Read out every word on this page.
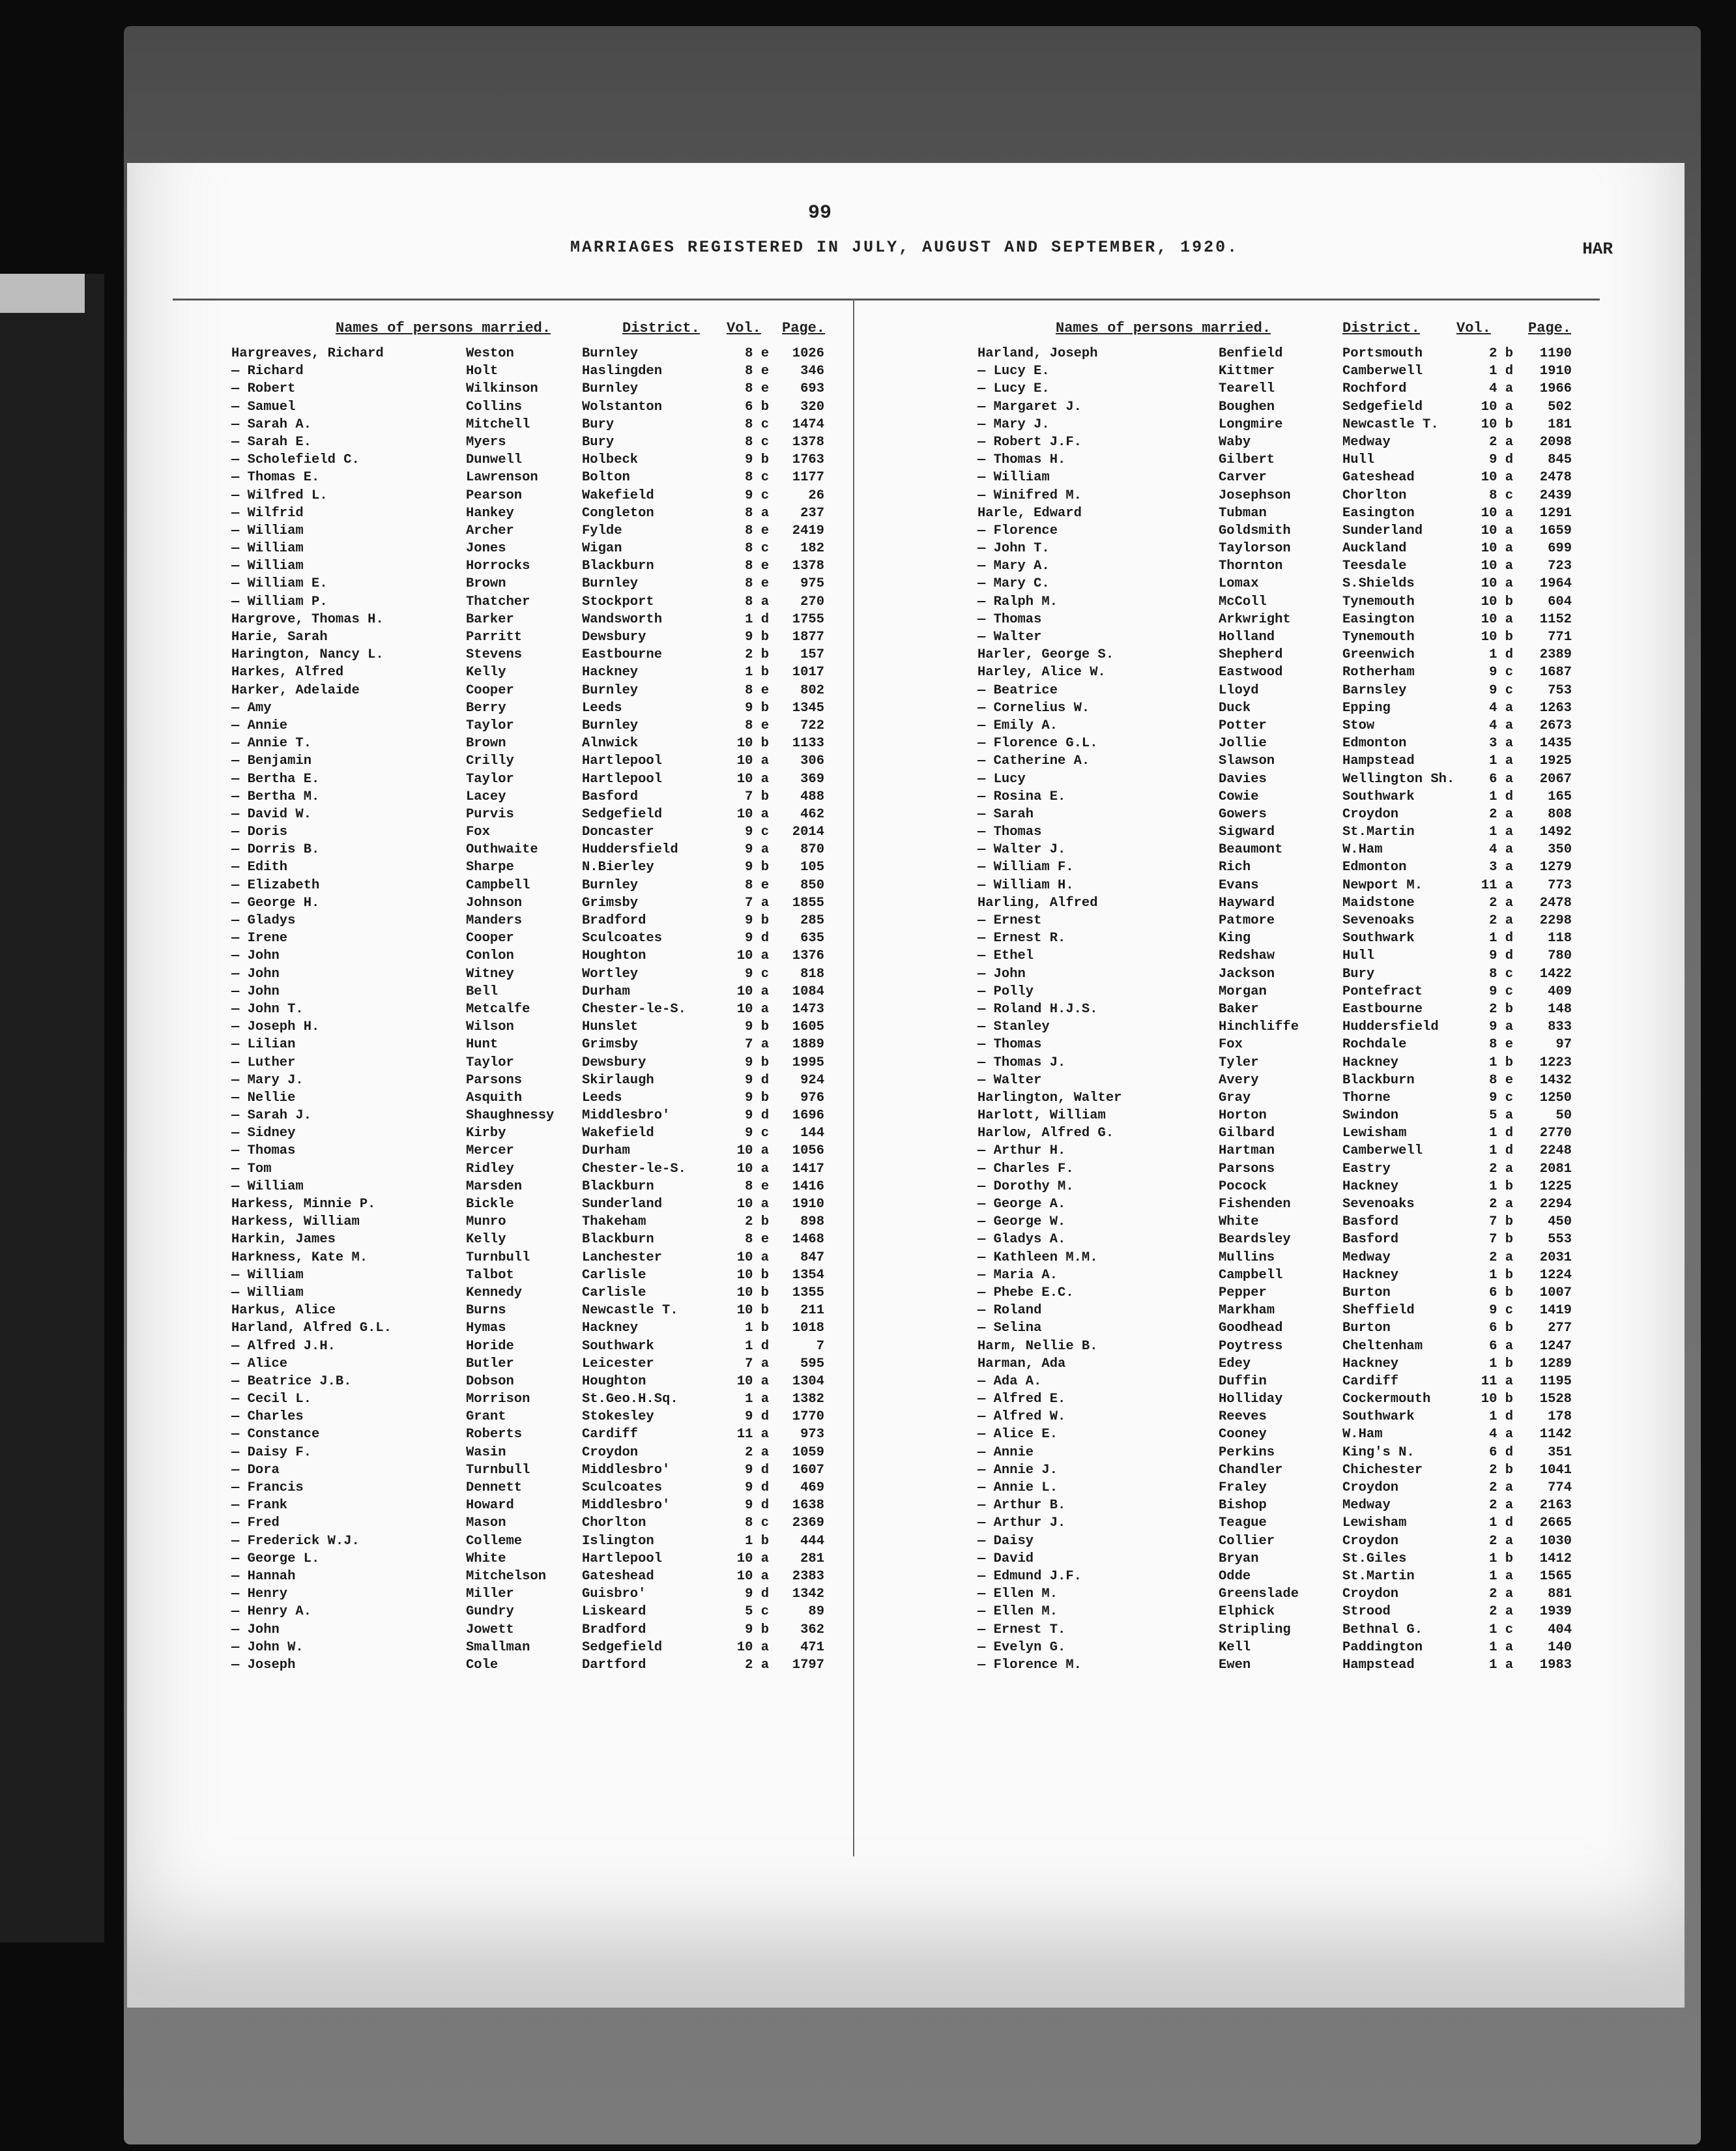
99
MARRIAGES REGISTERED IN JULY, AUGUST AND SEPTEMBER, 1920.	HAR
Names of persons married.	District. Vol. Page.
Hargreaves, Richard	Weston	Burnley	8 e	1026
— Richard	Holt	Haslingden	8 e	346
— Robert	Wilkinson	Burnley	8 e	693
— Samuel	Collins	Wolstanton	6 b	320
— Sarah A.	Mitchell	Bury	8 c	1474
— Sarah E.	Myers	Bury	8 c	1378
— Scholefield C.	Dunwell	Holbeck	9 b	1763
— Thomas E.	Lawrenson	Bolton	8 c	1177
— Wilfred L.	Pearson	Wakefield	9 c	26
— Wilfrid	Hankey	Congleton	8 a	237
— William	Archer	Fylde	8 e	2419
— William	Jones	Wigan	8 c	182
— William	Horrocks	Blackburn	8 e	1378
— William E.	Brown	Burnley	8 e	975
— William P.	Thatcher	Stockport	8 a	270
Hargrove, Thomas H.	Barker	Wandsworth	1 d	1755
Harie, Sarah	Parritt	Dewsbury	9 b	1877
Harington, Nancy L.	Stevens	Eastbourne	2 b	157
Harkes, Alfred	Kelly	Hackney	1 b	1017
Harker, Adelaide	Cooper	Burnley	8 e	802
— Amy	Berry	Leeds	9 b	1345
— Annie	Taylor	Burnley	8 e	722
— Annie T.	Brown	Alnwick	10 b	1133
— Benjamin	Crilly	Hartlepool	10 a	306
— Bertha E.	Taylor	Hartlepool	10 a	369
— Bertha M.	Lacey	Basford	7 b	488
— David W.	Purvis	Sedgefield	10 a	462
— Doris	Fox	Doncaster	9 c	2014
— Dorris B.	Outhwaite	Huddersfield	9 a	870
— Edith	Sharpe	N.Bierley	9 b	105
— Elizabeth	Campbell	Burnley	8 e	850
— George H.	Johnson	Grimsby	7 a	1855
— Gladys	Manders	Bradford	9 b	285
— Irene	Cooper	Sculcoates	9 d	635
— John	Conlon	Houghton	10 a	1376
— John	Witney	Wortley	9 c	818
— John	Bell	Durham	10 a	1084
— John T.	Metcalfe	Chester-le-S.	10 a	1473
— Joseph H.	Wilson	Hunslet	9 b	1605
— Lilian	Hunt	Grimsby	7 a	1889
— Luther	Taylor	Dewsbury	9 b	1995
— Mary J.	Parsons	Skirlaugh	9 d	924
— Nellie	Asquith	Leeds	9 b	976
— Sarah J.	Shaughnessy Middlesbro'	9 d	1696
— Sidney	Kirby	Wakefield	9 c	144
— Thomas	Mercer	Durham	10 a	1056
— Tom	Ridley	Chester-le-S.	10 a	1417
— William	Marsden	Blackburn	8 e	1416
Harkess, Minnie P.	Bickle	Sunderland	10 a	1910
Harkess, William	Munro	Thakeham	2 b	898
Harkin, James	Kelly	Blackburn	8 e	1468
Harkness, Kate M.	Turnbull	Lanchester	10 a	847
— William	Talbot	Carlisle	10 b	1354
— William	Kennedy	Carlisle	10 b	1355
Harkus, Alice	Burns	Newcastle T.	10 b	211
Harland, Alfred G.L.	Hymas	Hackney	1 b	1018
— Alfred J.H.	Horide	Southwark	1 d	7
— Alice	Butler	Leicester	7 a	595
— Beatrice J.B.	Dobson	Houghton	10 a	1304
— Cecil L.	Morrison	St.Geo.H.Sq.	1 a	1382
— Charles	Grant	Stokesley	9 d	1770
— Constance	Roberts	Cardiff	11 a	973
— Daisy F.	Wasin	Croydon	2 a	1059
— Dora	Turnbull	Middlesbro'	9 d	1607
— Francis	Dennett	Sculcoates	9 d	469
— Frank	Howard	Middlesbro'	9 d	1638
— Fred	Mason	Chorlton	8 c	2369
— Frederick W.J.	Colleme	Islington	1 b	444
— George L.	White	Hartlepool	10 a	281
— Hannah	Mitchelson	Gateshead	10 a	2383
— Henry	Miller	Guisbro'	9 d	1342
— Henry A.	Gundry	Liskeard	5 c	89
— John	Jowett	Bradford	9 b	362
— John W.	Smallman	Sedgefield	10 a	471
— Joseph	Cole	Dartford	2 a	1797
Names of persons married.	District.	Vol.	Page.
Harland, Joseph	Benfield	Portsmouth	2 b	1190
— Lucy E.	Kittmer	Camberwell	1 d	1910
— Lucy E.	Tearell	Rochford	4 a	1966
— Margaret J.	Boughen	Sedgefield	10 a	502
— Mary J.	Longmire	Newcastle T.	10 b	181
— Robert J.F.	Waby	Medway	2 a	2098
— Thomas H.	Gilbert	Hull	9 d	845
— William	Carver	Gateshead	10 a	2478
— Winifred M.	Josephson	Chorlton	8 c	2439
Harle, Edward	Tubman	Easington	10 a	1291
— Florence	Goldsmith	Sunderland	10 a	1659
— John T.	Taylorson	Auckland	10 a	699
— Mary A.	Thornton	Teesdale	10 a	723
— Mary C.	Lomax	S.Shields	10 a	1964
— Ralph M.	McColl	Tynemouth	10 b	604
— Thomas	Arkwright	Easington	10 a	1152
— Walter	Holland	Tynemouth	10 b	771
Harler, George S.	Shepherd	Greenwich	1 d	2389
Harley, Alice W.	Eastwood	Rotherham	9 c	1687
— Beatrice	Lloyd	Barnsley	9 c	753
— Cornelius W.	Duck	Epping	4 a	1263
— Emily A.	Potter	Stow	4 a	2673
— Florence G.L.	Jollie	Edmonton	3 a	1435
— Catherine A.	Slawson	Hampstead	1 a	1925
— Lucy	Davies	Wellington Sh.	6 a	2067
— Rosina E.	Cowie	Southwark	1 d	165
— Sarah	Gowers	Croydon	2 a	808
— Thomas	Sigward	St.Martin	1 a	1492
— Walter J.	Beaumont	W.Ham	4 a	350
— William F.	Rich	Edmonton	3 a	1279
— William H.	Evans	Newport M.	11 a	773
Harling, Alfred	Hayward	Maidstone	2 a	2478
— Ernest	Patmore	Sevenoaks	2 a	2298
— Ernest R.	King	Southwark	1 d	118
— Ethel	Redshaw	Hull	9 d	780
— John	Jackson	Bury	8 c	1422
— Polly	Morgan	Pontefract	9 c	409
— Roland H.J.S.	Baker	Eastbourne	2 b	148
— Stanley	Hinchliffe	Huddersfield	9 a	833
— Thomas	Fox	Rochdale	8 e	97
— Thomas J.	Tyler	Hackney	1 b	1223
— Walter	Avery	Blackburn	8 e	1432
Harlington, Walter	Gray	Thorne	9 c	1250
Harlott, William	Horton	Swindon	5 a	50
Harlow, Alfred G.	Gilbard	Lewisham	1 d	2770
— Arthur H.	Hartman	Camberwell	1 d	2248
— Charles F.	Parsons	Eastry	2 a	2081
— Dorothy M.	Pocock	Hackney	1 b	1225
— George A.	Fishenden	Sevenoaks	2 a	2294
— George W.	White	Basford	7 b	450
— Gladys A.	Beardsley	Basford	7 b	553
— Kathleen M.M.	Mullins	Medway	2 a	2031
— Maria A.	Campbell	Hackney	1 b	1224
— Phebe E.C.	Pepper	Burton	6 b	1007
— Roland	Markham	Sheffield	9 c	1419
— Selina	Goodhead	Burton	6 b	277
Harm, Nellie B.	Poytress	Cheltenham	6 a	1247
Harman, Ada	Edey	Hackney	1 b	1289
— Ada A.	Duffin	Cardiff	11 a	1195
— Alfred E.	Holliday	Cockermouth	10 b	1528
— Alfred W.	Reeves	Southwark	1 d	178
— Alice E.	Cooney	W.Ham	4 a	1142
— Annie	Perkins	King's N.	6 d	351
— Annie J.	Chandler	Chichester	2 b	1041
— Annie L.	Fraley	Croydon	2 a	774
— Arthur B.	Bishop	Medway	2 a	2163
— Arthur J.	Teague	Lewisham	1 d	2665
— Daisy	Collier	Croydon	2 a	1030
— David	Bryan	St.Giles	1 b	1412
— Edmund J.F.	Odde	St.Martin	1 a	1565
— Ellen M.	Greenslade	Croydon	2 a	881
— Ellen M.	Elphick	Strood	2 a	1939
— Ernest T.	Stripling	Bethnal G.	1 c	404
— Evelyn G.	Kell	Paddington	1 a	140
— Florence M.	Ewen	Hampstead	1 a	1983
